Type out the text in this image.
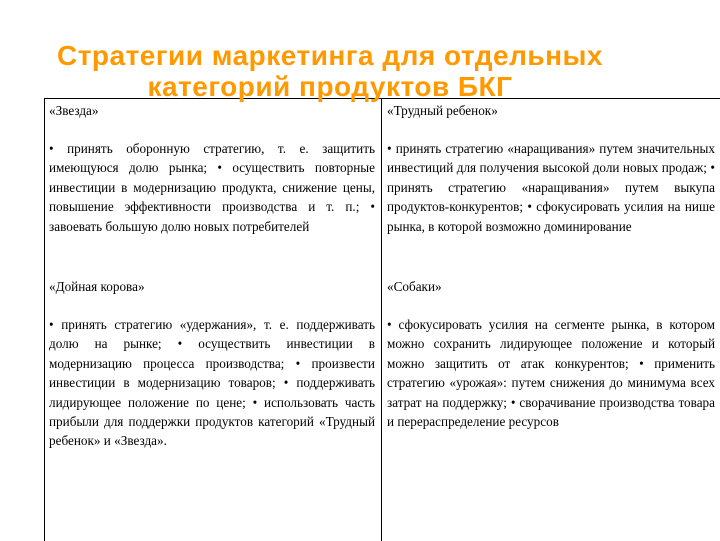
Стратегии маркетинга для отдельных категорий продуктов БКГ
«Звезда»	«Трудный ребенок»

• принять оборонную стратегию, т. е. защитить имеющуюся долю рынка; • осуществить повторные инвестиции в модернизацию продукта, снижение цены, повышение эффективности производства и т. п.; • завоевать большую долю новых потребителей

• принять стратегию «наращивания» путем значительных инвестиций для получения высокой доли новых продаж; • принять стратегию «наращивания» путем выкупа продуктов-конкурентов; • сфокусировать усилия на нише рынка, в которой возможно доминирование

«Дойная корова»	«Собаки»

• принять стратегию «удержания», т. е. поддерживать долю на рынке; • осуществить инвестиции в модернизацию процесса производства; • произвести инвестиции в модернизацию товаров; • поддерживать лидирующее положение по цене; • использовать часть прибыли для поддержки продуктов категорий «Трудный ребенок» и «Звезда».

• сфокусировать усилия на сегменте рынка, в котором можно сохранить лидирующее положение и который можно защитить от атак конкурентов; • применить стратегию «урожая»: путем снижения до минимума всех затрат на поддержку; • сворачивание производства товара и перераспределение ресурсов
